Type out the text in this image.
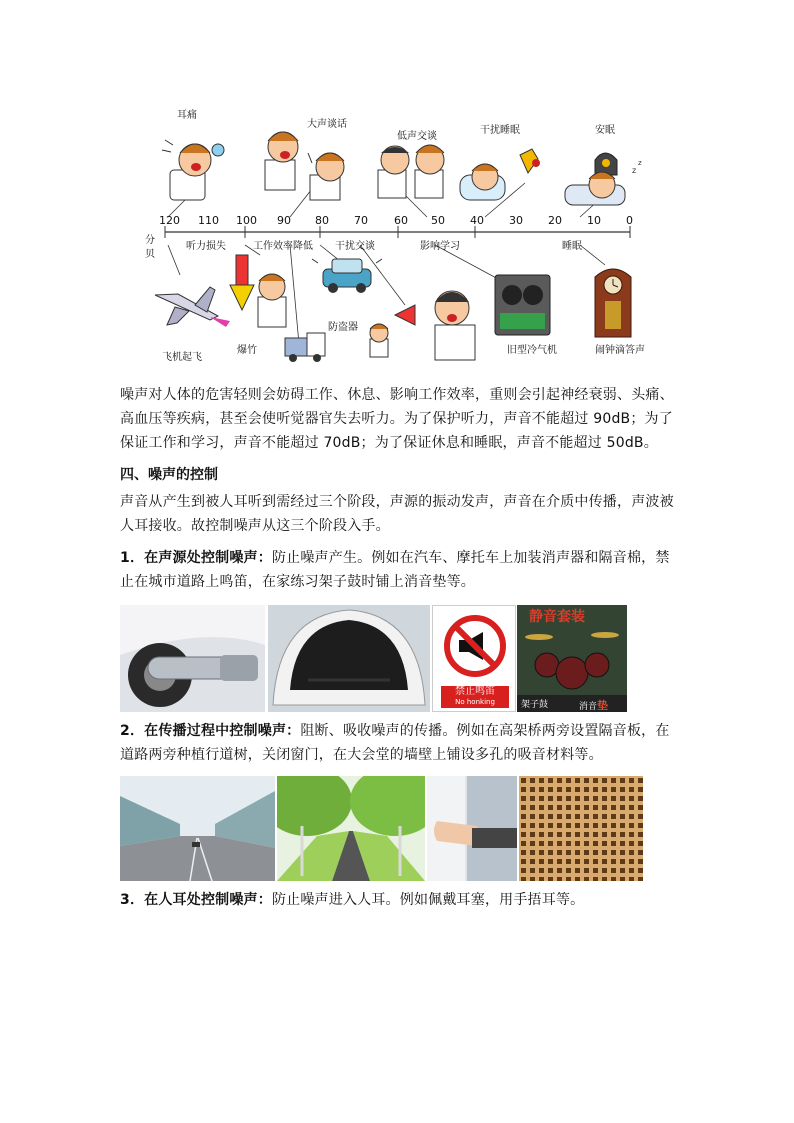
z
z
耳痛
大声谈话
低声交谈
干扰睡眠	安眠
120 110 100 90 80 70 60 50 40 30 20 10 0
分
贝
听力损失	工作效率降低 干扰交谈	影响学习	睡眠
飞机起飞
爆竹
防盗器
旧型冷气机	闹钟滴答声
噪声对人体的危害轻则会妨碍工作、休息、影响工作效率，重则会引起神经衰弱、头痛、高血压等疾病，甚至会使听觉器官失去听力。为了保护听力，声音不能超过 90dB；为了保证工作和学习，声音不能超过 70dB；为了保证休息和睡眠，声音不能超过 50dB。
四、噪声的控制
声音从产生到被人耳听到需经过三个阶段，声源的振动发声，声音在介质中传播，声波被人耳接收。故控制噪声从这三个阶段入手。
1．在声源处控制噪声：防止噪声产生。例如在汽车、摩托车上加装消声器和隔音棉，禁止在城市道路上鸣笛，在家练习架子鼓时铺上消音垫等。
禁止鸣笛
No honking
静音套装
架子鼓	消音垫
2．在传播过程中控制噪声：阻断、吸收噪声的传播。例如在高架桥两旁设置隔音板，在道路两旁种植行道树，关闭窗门，在大会堂的墙壁上铺设多孔的吸音材料等。
3．在人耳处控制噪声：防止噪声进入人耳。例如佩戴耳塞，用手捂耳等。
